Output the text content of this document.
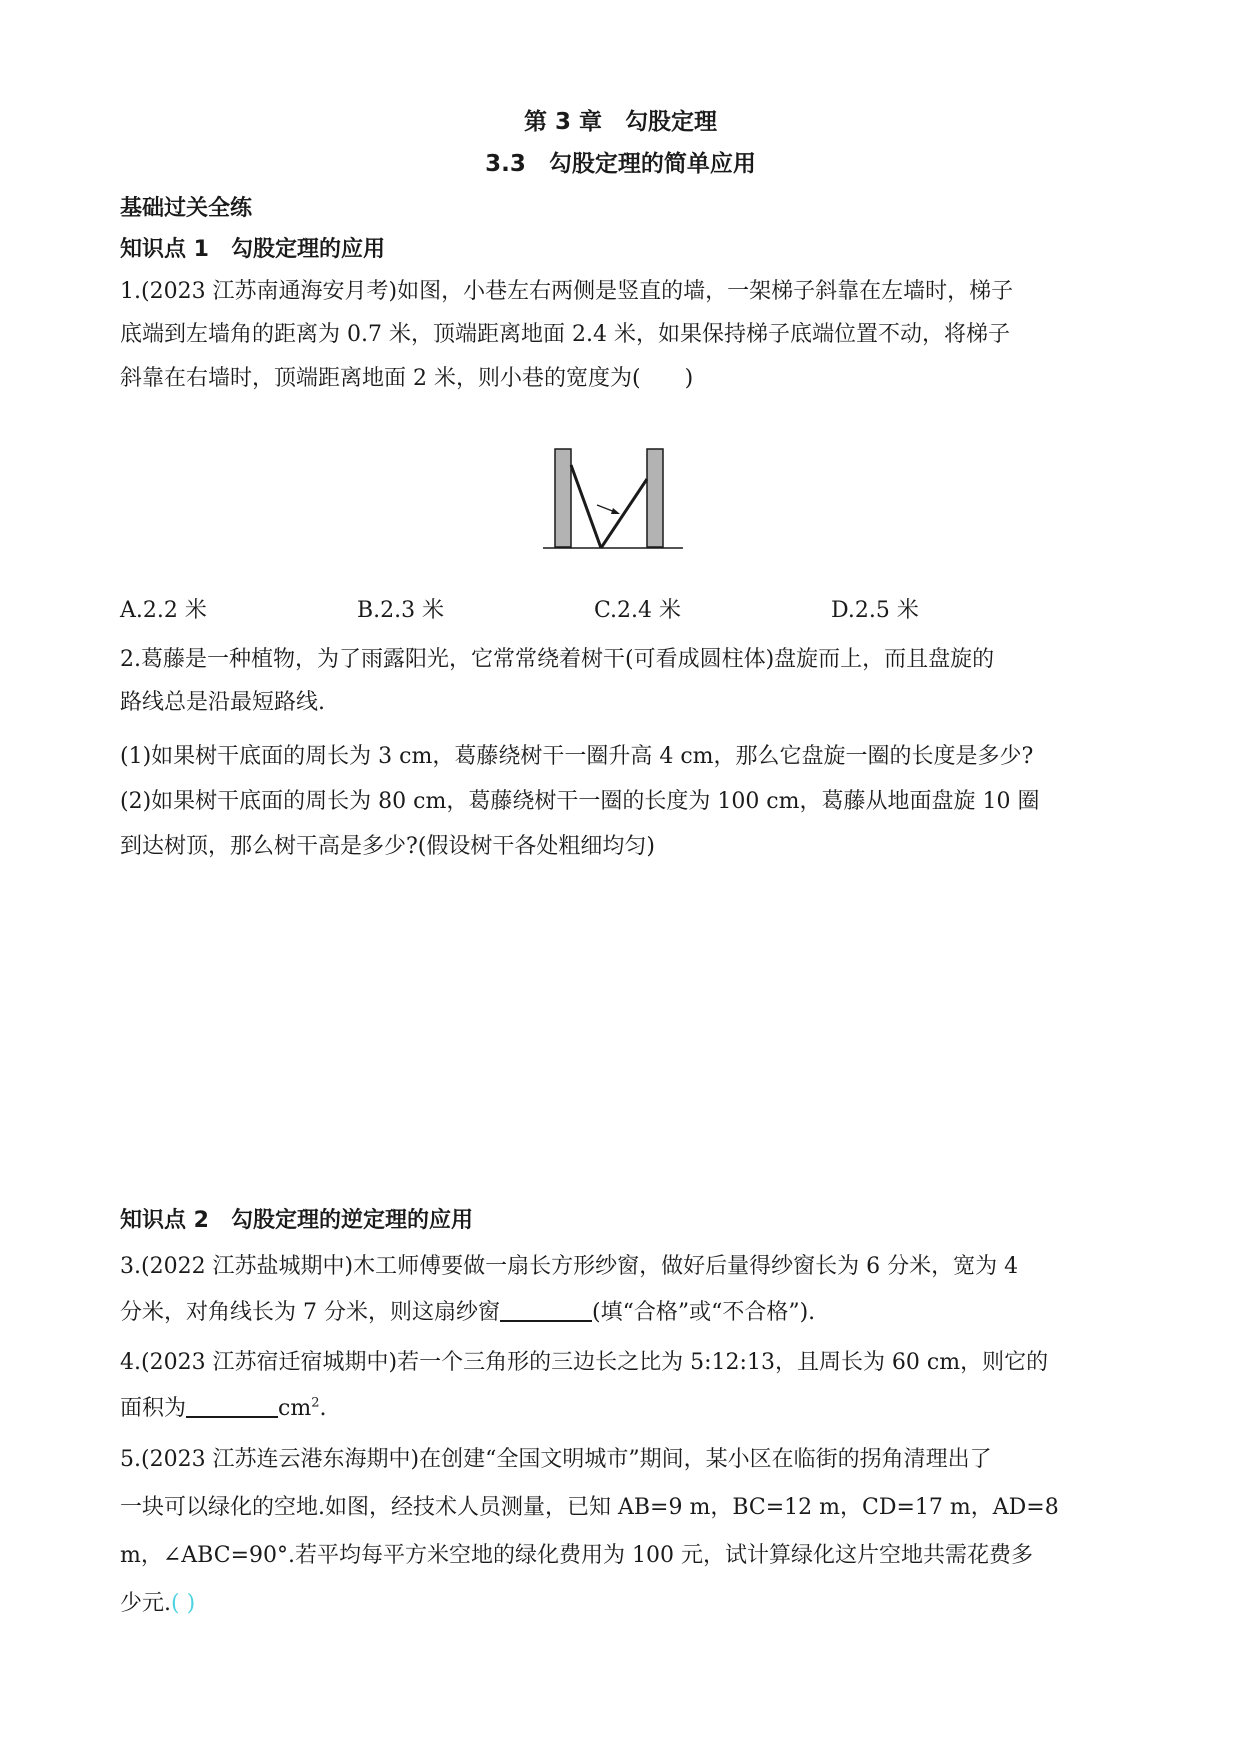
第 3 章　勾股定理
3.3　勾股定理的简单应用
基础过关全练
知识点 1　勾股定理的应用
1.(2023 江苏南通海安月考)如图，小巷左右两侧是竖直的墙，一架梯子斜靠在左墙时，梯子
底端到左墙角的距离为 0.7 米，顶端距离地面 2.4 米，如果保持梯子底端位置不动，将梯子
斜靠在右墙时，顶端距离地面 2 米，则小巷的宽度为( )
A.2.2 米	B.2.3 米	C.2.4 米	D.2.5 米
2.葛藤是一种植物，为了雨露阳光，它常常绕着树干(可看成圆柱体)盘旋而上，而且盘旋的
路线总是沿最短路线.
(1)如果树干底面的周长为 3 cm，葛藤绕树干一圈升高 4 cm，那么它盘旋一圈的长度是多少?
(2)如果树干底面的周长为 80 cm，葛藤绕树干一圈的长度为 100 cm，葛藤从地面盘旋 10 圈
到达树顶，那么树干高是多少?(假设树干各处粗细均匀)
知识点 2　勾股定理的逆定理的应用
3.(2022 江苏盐城期中)木工师傅要做一扇长方形纱窗，做好后量得纱窗长为 6 分米，宽为 4
分米，对角线长为 7 分米，则这扇纱窗	(填“合格”或“不合格”).
4.(2023 江苏宿迁宿城期中)若一个三角形的三边长之比为 5:12:13，且周长为 60 cm，则它的
面积为	$cm^2$.
5.(2023 江苏连云港东海期中)在创建“全国文明城市”期间，某小区在临街的拐角清理出了
一块可以绿化的空地.如图，经技术人员测量，已知 AB=9 m，BC=12 m，CD=17 m，AD=8
m，∠ABC=90°.若平均每平方米空地的绿化费用为 100 元，试计算绿化这片空地共需花费多
少元.( )
